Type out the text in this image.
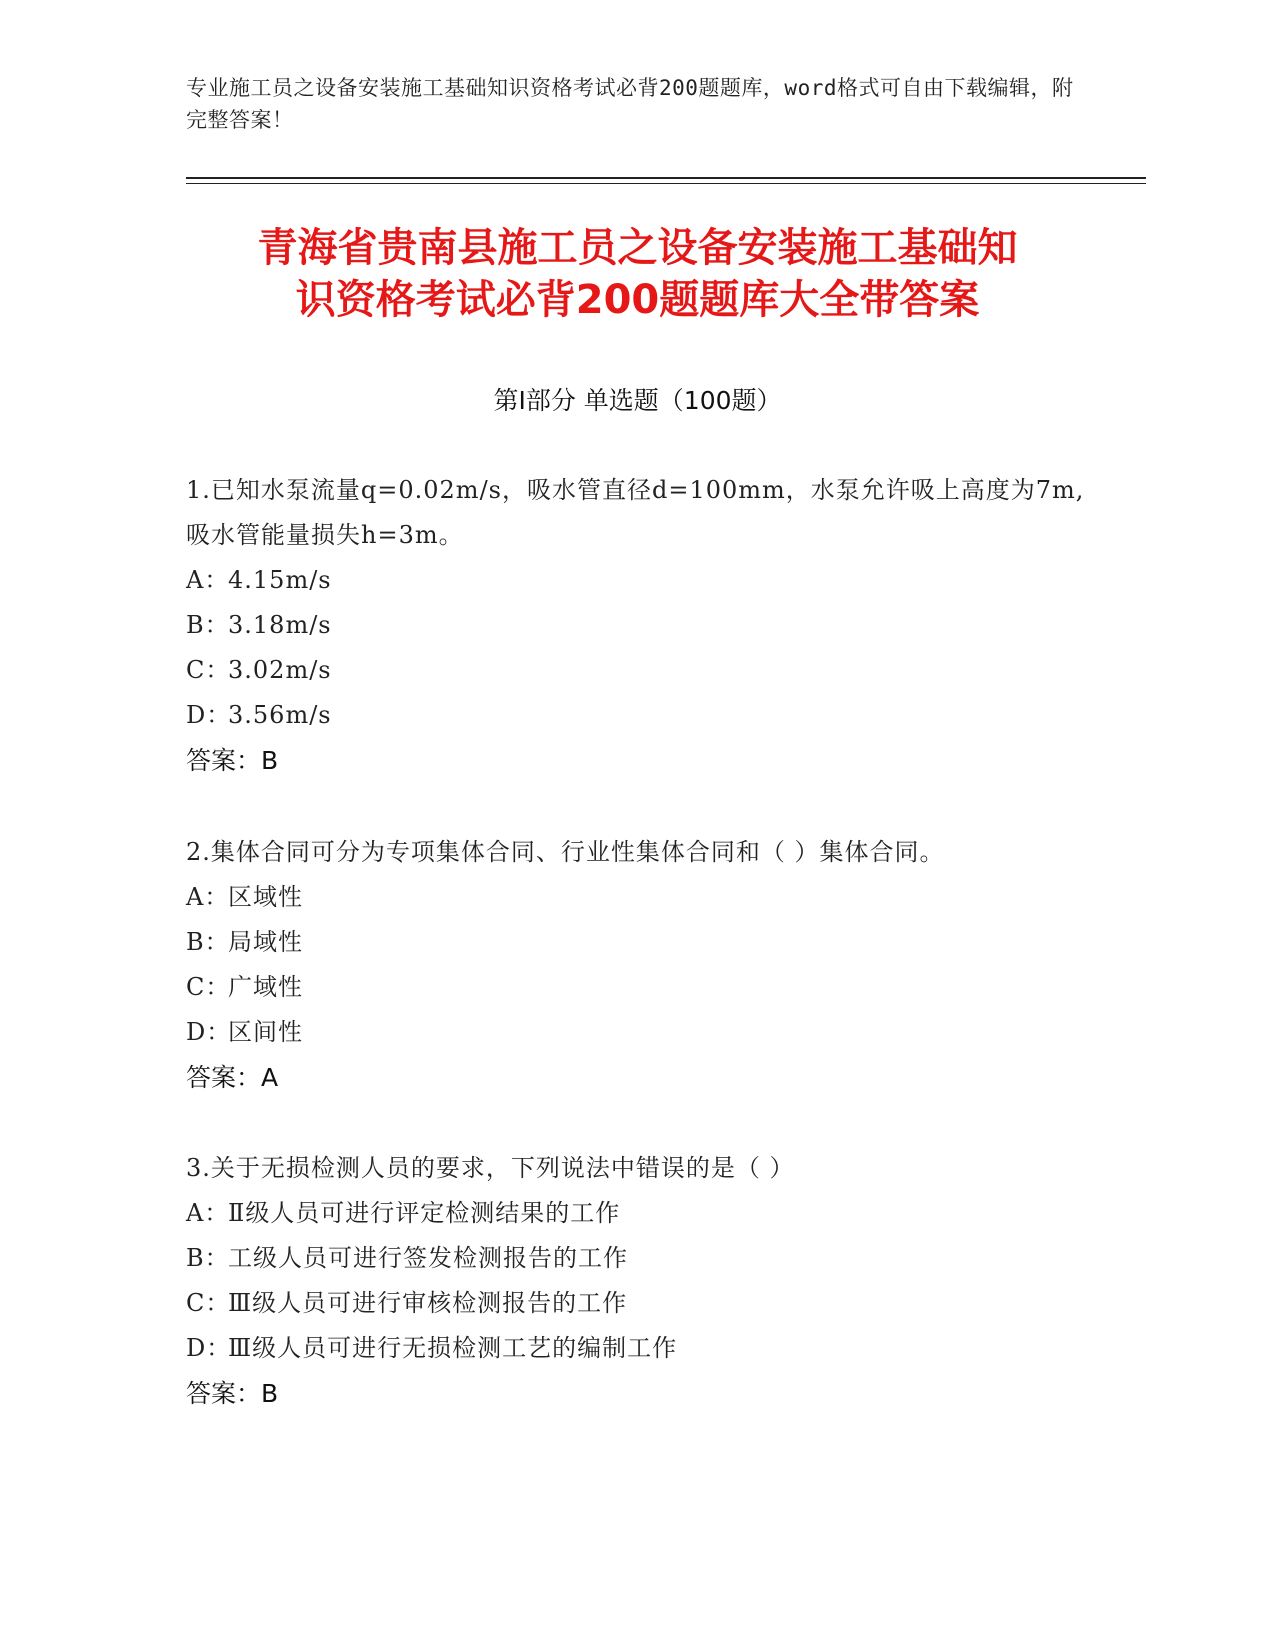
专业施工员之设备安装施工基础知识资格考试必背200题题库，word格式可自由下载编辑，附完整答案！
青海省贵南县施工员之设备安装施工基础知
识资格考试必背200题题库大全带答案
第Ⅰ部分 单选题（100题）
1.已知水泵流量q=0.02m/s，吸水管直径d=100mm，水泵允许吸上高度为7m,吸水管能量损失h=3m。
A：4.15m/s
B：3.18m/s
C：3.02m/s
D：3.56m/s
答案：B
2.集体合同可分为专项集体合同、行业性集体合同和（ ）集体合同。
A：区域性
B：局域性
C：广域性
D：区间性
答案：A
3.关于无损检测人员的要求，下列说法中错误的是（ ）
A：Ⅱ级人员可进行评定检测结果的工作
B：工级人员可进行签发检测报告的工作
C：Ⅲ级人员可进行审核检测报告的工作
D：Ⅲ级人员可进行无损检测工艺的编制工作
答案：B
